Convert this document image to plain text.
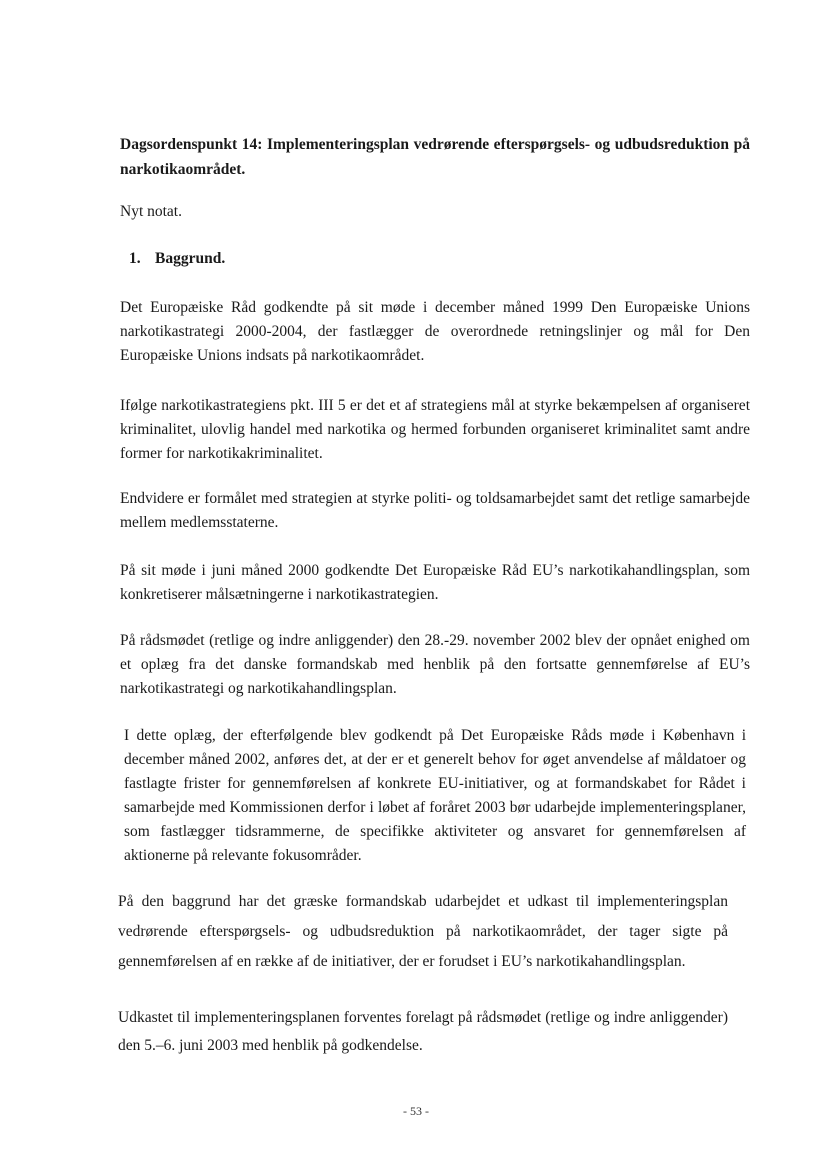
Dagsordenspunkt 14: Implementeringsplan vedrørende efterspørgsels- og udbudsreduktion på narkotikaområdet.
Nyt notat.
1. Baggrund.
Det Europæiske Råd godkendte på sit møde i december måned 1999 Den Europæiske Unions narkotikastrategi 2000-2004, der fastlægger de overordnede retningslinjer og mål for Den Europæiske Unions indsats på narkotikaområdet.
Ifølge narkotikastrategiens pkt. III 5 er det et af strategiens mål at styrke bekæmpelsen af organiseret kriminalitet, ulovlig handel med narkotika og hermed forbunden organiseret kriminalitet samt andre former for narkotikakriminalitet.
Endvidere er formålet med strategien at styrke politi- og toldsamarbejdet samt det retlige samarbejde mellem medlemsstaterne.
På sit møde i juni måned 2000 godkendte Det Europæiske Råd EU’s narkotikahandlingsplan, som konkretiserer målsætningerne i narkotikastrategien.
På rådsmødet (retlige og indre anliggender) den 28.-29. november 2002 blev der opnået enighed om et oplæg fra det danske formandskab med henblik på den fortsatte gennemførelse af EU’s narkotikastrategi og narkotikahandlingsplan.
I dette oplæg, der efterfølgende blev godkendt på Det Europæiske Råds møde i København i december måned 2002, anføres det, at der er et generelt behov for øget anvendelse af måldatoer og fastlagte frister for gennemførelsen af konkrete EU-initiativer, og at formandskabet for Rådet i samarbejde med Kommissionen derfor i løbet af foråret 2003 bør udarbejde implementeringsplaner, som fastlægger tidsrammerne, de specifikke aktiviteter og ansvaret for gennemførelsen af aktionerne på relevante fokusområder.
På den baggrund har det græske formandskab udarbejdet et udkast til implementeringsplan vedrørende efterspørgsels- og udbudsreduktion på narkotikaområdet, der tager sigte på gennemførelsen af en række af de initiativer, der er forudset i EU’s narkotikahandlingsplan.
Udkastet til implementeringsplanen forventes forelagt på rådsmødet (retlige og indre anliggender) den 5.–6. juni 2003 med henblik på godkendelse.
- 53 -
